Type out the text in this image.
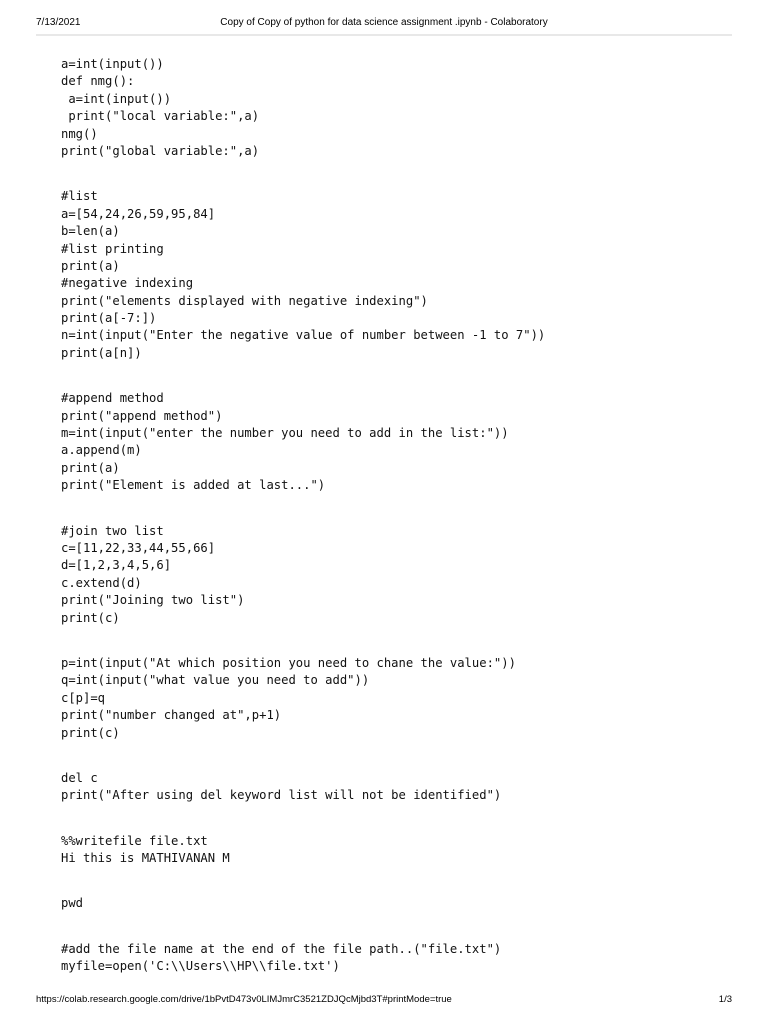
7/13/2021	Copy of Copy of python for data science assignment .ipynb - Colaboratory
a=int(input())
def nmg():
a=int(input())
print("local variable:",a)
nmg()
print("global variable:",a)
#list
a=[54,24,26,59,95,84]
b=len(a)
#list printing
print(a)
#negative indexing
print("elements displayed with negative indexing")
print(a[-7:])
n=int(input("Enter the negative value of number between -1 to 7"))
print(a[n])
#append method
print("append method")
m=int(input("enter the number you need to add in the list:"))
a.append(m)
print(a)
print("Element is added at last...")
#join two list
c=[11,22,33,44,55,66]
d=[1,2,3,4,5,6]
c.extend(d)
print("Joining two list")
print(c)
p=int(input("At which position you need to chane the value:"))
q=int(input("what value you need to add"))
c[p]=q
print("number changed at",p+1)
print(c)
del c
print("After using del keyword list will not be identified")
%%writefile file.txt
Hi this is MATHIVANAN M
pwd
#add the file name at the end of the file path..("file.txt")
myfile=open('C:\\Users\\HP\\file.txt')
https://colab.research.google.com/drive/1bPvtD473v0LIMJmrC3521ZDJQcMjbd3T#printMode=true	1/3
